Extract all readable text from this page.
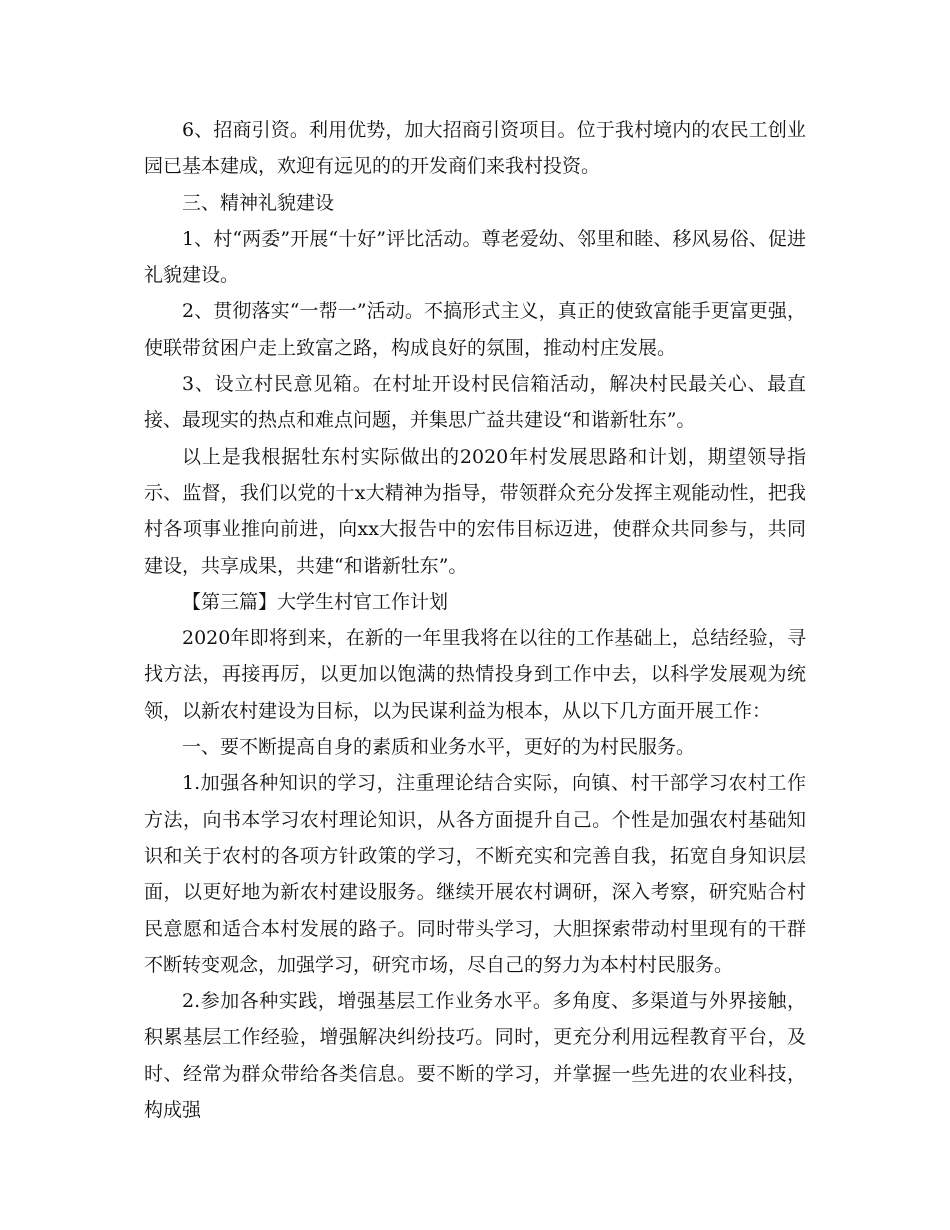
6、招商引资。利用优势，加大招商引资项目。位于我村境内的农民工创业园已基本建成，欢迎有远见的的开发商们来我村投资。

三、精神礼貌建设

1、村“两委”开展“十好”评比活动。尊老爱幼、邻里和睦、移风易俗、促进礼貌建设。

2、贯彻落实“一帮一”活动。不搞形式主义，真正的使致富能手更富更强，使联带贫困户走上致富之路，构成良好的氛围，推动村庄发展。

3、设立村民意见箱。在村址开设村民信箱活动，解决村民最关心、最直接、最现实的热点和难点问题，并集思广益共建设“和谐新牡东”。

以上是我根据牡东村实际做出的2020年村发展思路和计划，期望领导指示、监督，我们以党的十x大精神为指导，带领群众充分发挥主观能动性，把我村各项事业推向前进，向xx大报告中的宏伟目标迈进，使群众共同参与，共同建设，共享成果，共建“和谐新牡东”。

【第三篇】大学生村官工作计划

2020年即将到来，在新的一年里我将在以往的工作基础上，总结经验，寻找方法，再接再厉，以更加以饱满的热情投身到工作中去，以科学发展观为统领，以新农村建设为目标，以为民谋利益为根本，从以下几方面开展工作：

一、要不断提高自身的素质和业务水平，更好的为村民服务。

1.加强各种知识的学习，注重理论结合实际，向镇、村干部学习农村工作方法，向书本学习农村理论知识，从各方面提升自己。个性是加强农村基础知识和关于农村的各项方针政策的学习，不断充实和完善自我，拓宽自身知识层面，以更好地为新农村建设服务。继续开展农村调研，深入考察，研究贴合村民意愿和适合本村发展的路子。同时带头学习，大胆探索带动村里现有的干群不断转变观念，加强学习，研究市场，尽自己的努力为本村村民服务。

2.参加各种实践，增强基层工作业务水平。多角度、多渠道与外界接触，积累基层工作经验，增强解决纠纷技巧。同时，更充分利用远程教育平台，及时、经常为群众带给各类信息。要不断的学习，并掌握一些先进的农业科技，构成强
